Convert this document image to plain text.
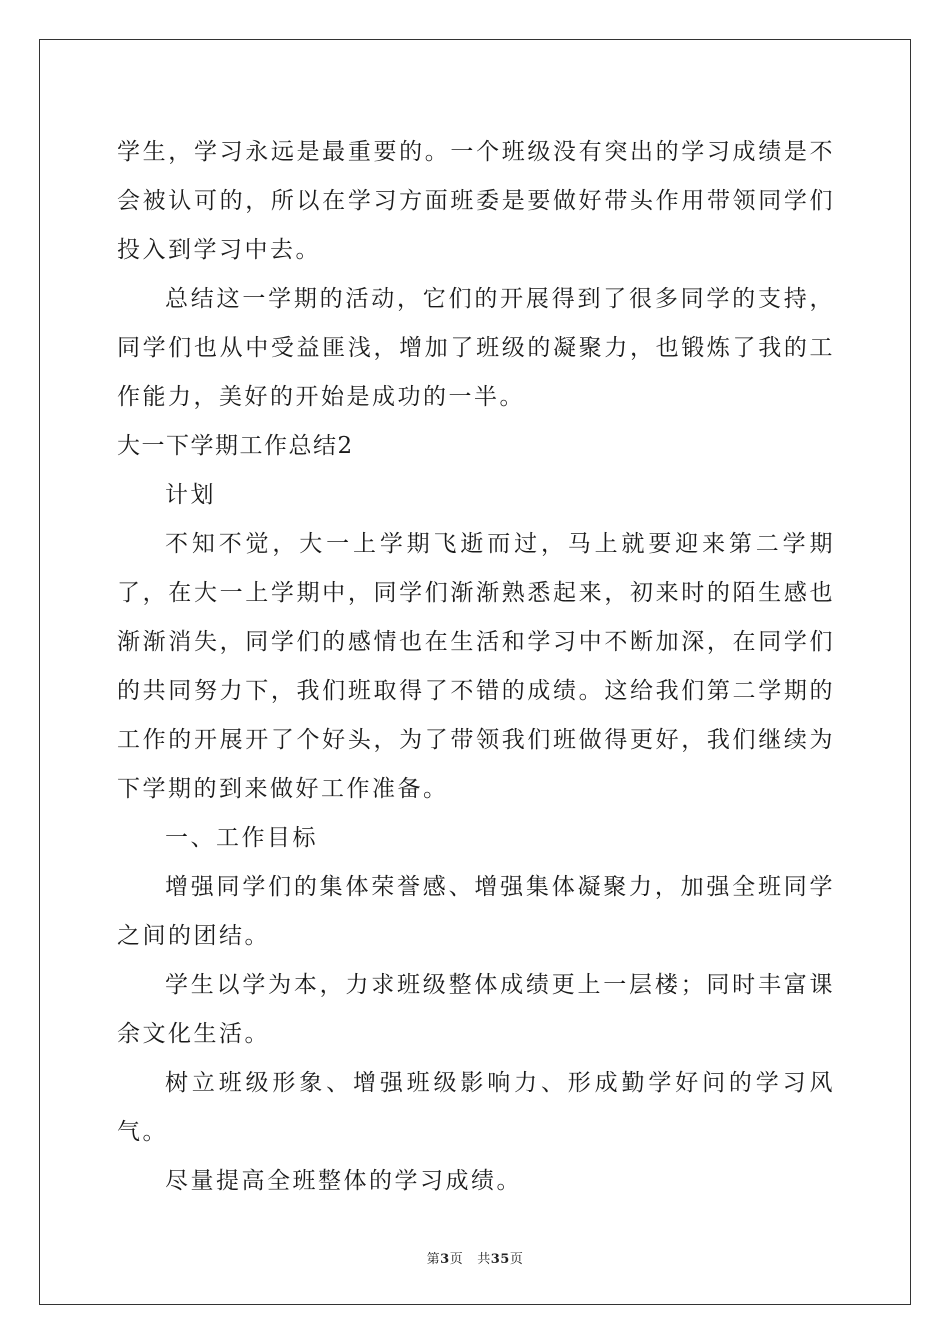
学生，学习永远是最重要的。一个班级没有突出的学习成绩是不会被认可的，所以在学习方面班委是要做好带头作用带领同学们投入到学习中去。

总结这一学期的活动，它们的开展得到了很多同学的支持，同学们也从中受益匪浅，增加了班级的凝聚力，也锻炼了我的工作能力，美好的开始是成功的一半。

大一下学期工作总结2

计划

不知不觉，大一上学期飞逝而过，马上就要迎来第二学期了，在大一上学期中，同学们渐渐熟悉起来，初来时的陌生感也渐渐消失，同学们的感情也在生活和学习中不断加深，在同学们的共同努力下，我们班取得了不错的成绩。这给我们第二学期的工作的开展开了个好头，为了带领我们班做得更好，我们继续为下学期的到来做好工作准备。

一、工作目标

增强同学们的集体荣誉感、增强集体凝聚力，加强全班同学之间的团结。

学生以学为本，力求班级整体成绩更上一层楼；同时丰富课余文化生活。

树立班级形象、增强班级影响力、形成勤学好问的学习风气。

尽量提高全班整体的学习成绩。

第3页 共35页
